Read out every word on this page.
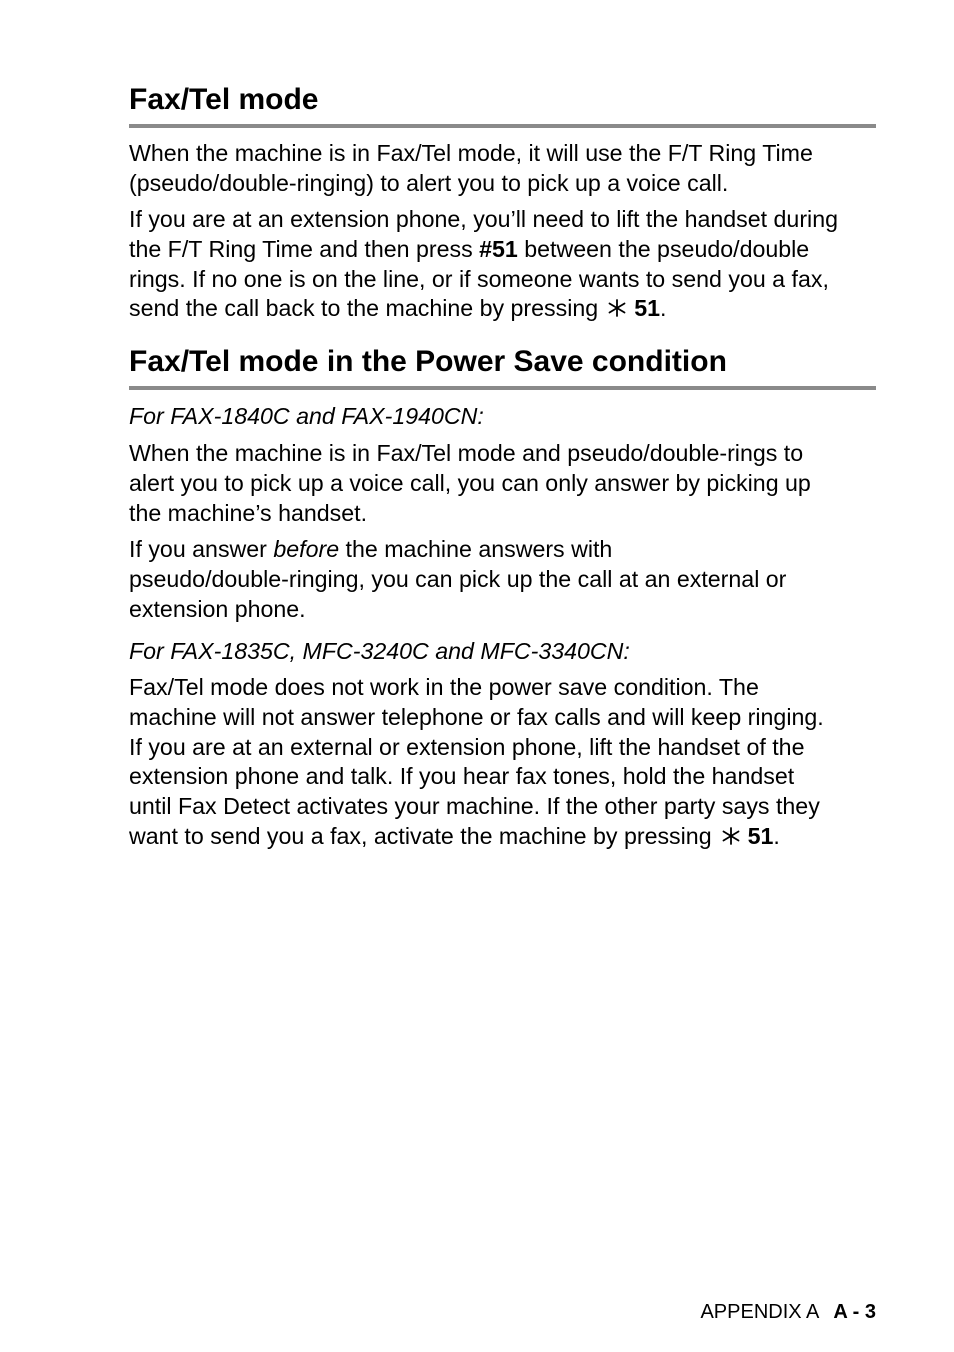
Fax/Tel mode

When the machine is in Fax/Tel mode, it will use the F/T Ring Time
(pseudo/double-ringing) to alert you to pick up a voice call.

If you are at an extension phone, you’ll need to lift the handset during
the F/T Ring Time and then press #51 between the pseudo/double
rings. If no one is on the line, or if someone wants to send you a fax,
send the call back to the machine by pressing 51.

Fax/Tel mode in the Power Save condition

For FAX-1840C and FAX-1940CN:

When the machine is in Fax/Tel mode and pseudo/double-rings to
alert you to pick up a voice call, you can only answer by picking up
the machine’s handset.

If you answer before the machine answers with
pseudo/double-ringing, you can pick up the call at an external or
extension phone.

For FAX-1835C, MFC-3240C and MFC-3340CN:

Fax/Tel mode does not work in the power save condition. The
machine will not answer telephone or fax calls and will keep ringing.
If you are at an external or extension phone, lift the handset of the
extension phone and talk. If you hear fax tones, hold the handset
until Fax Detect activates your machine. If the other party says they
want to send you a fax, activate the machine by pressing 51.

APPENDIX A A - 3
